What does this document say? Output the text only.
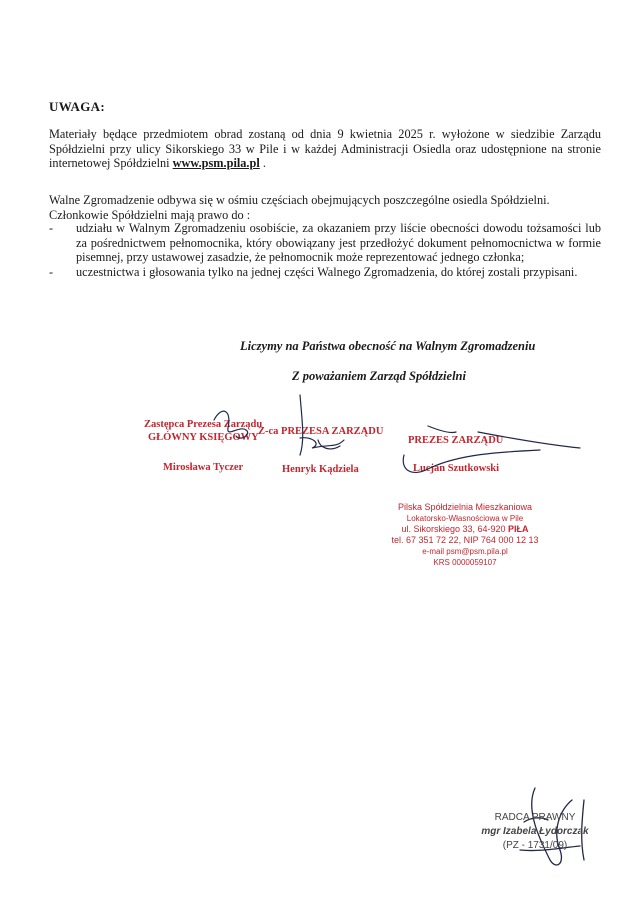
UWAGA:
Materiały będące przedmiotem obrad zostaną od dnia 9 kwietnia 2025 r. wyłożone w siedzibie Zarządu Spółdzielni przy ulicy Sikorskiego 33 w Pile i w każdej Administracji Osiedla oraz udostępnione na stronie internetowej Spółdzielni www.psm.pila.pl .
Walne Zgromadzenie odbywa się w ośmiu częściach obejmujących poszczególne osiedla Spółdzielni.
Członkowie Spółdzielni mają prawo do :
- udziału w Walnym Zgromadzeniu osobiście, za okazaniem przy liście obecności dowodu tożsamości lub za pośrednictwem pełnomocnika, który obowiązany jest przedłożyć dokument pełnomocnictwa w formie pisemnej, przy ustawowej zasadzie, że pełnomocnik może reprezentować jednego członka;
- uczestnictwa i głosowania tylko na jednej części Walnego Zgromadzenia, do której zostali przypisani.
Liczymy na Państwa obecność na Walnym Zgromadzeniu
Z poważaniem Zarząd Spółdzielni
Zastępca Prezesa Zarządu
GŁÓWNY KSIĘGOWY
Mirosława Tyczer
Z-ca PREZESA ZARZĄDU
Henryk Kądziela
PREZES ZARZĄDU
Lucjan Szutkowski
Pilska Spółdzielnia Mieszkaniowa
Lokatorsko-Własnościowa w Pile
ul. Sikorskiego 33, 64-920 PIŁA
tel. 67 351 72 22, NIP 764 000 12 13
e-mail psm@psm.pila.pl
KRS 0000059107
RADCA PRAWNY
mgr Izabela Łydorczak
(PZ - 1731/09)
